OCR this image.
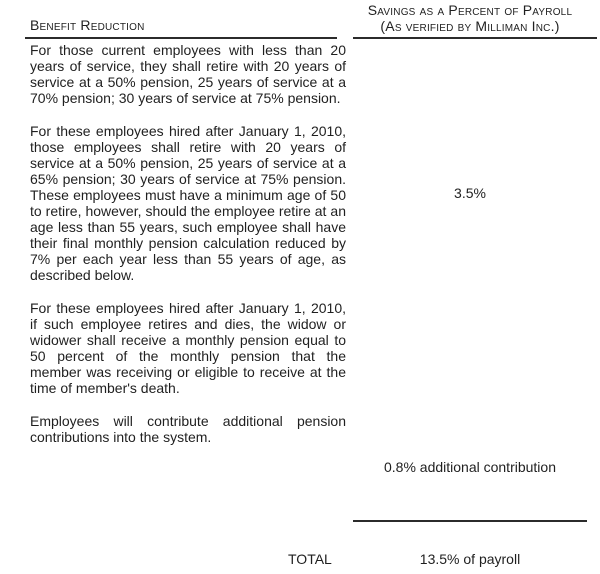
Benefit Reduction
Savings as a Percent of Payroll
(As verified by Milliman Inc.)

For those current employees with less than 20 years of service, they shall retire with 20 years of service at a 50% pension, 25 years of service at a 70% pension; 30 years of service at 75% pension.

For these employees hired after January 1, 2010, those employees shall retire with 20 years of service at a 50% pension, 25 years of service at a 65% pension; 30 years of service at 75% pension. These employees must have a minimum age of 50 to retire, however, should the employee retire at an age less than 55 years, such employee shall have their final monthly pension calculation reduced by 7% per each year less than 55 years of age, as described below.

For these employees hired after January 1, 2010, if such employee retires and dies, the widow or widower shall receive a monthly pension equal to 50 percent of the monthly pension that the member was receiving or eligible to receive at the time of member's death.

Employees will contribute additional pension contributions into the system.

3.5%
0.8% additional contribution
TOTAL	13.5% of payroll
